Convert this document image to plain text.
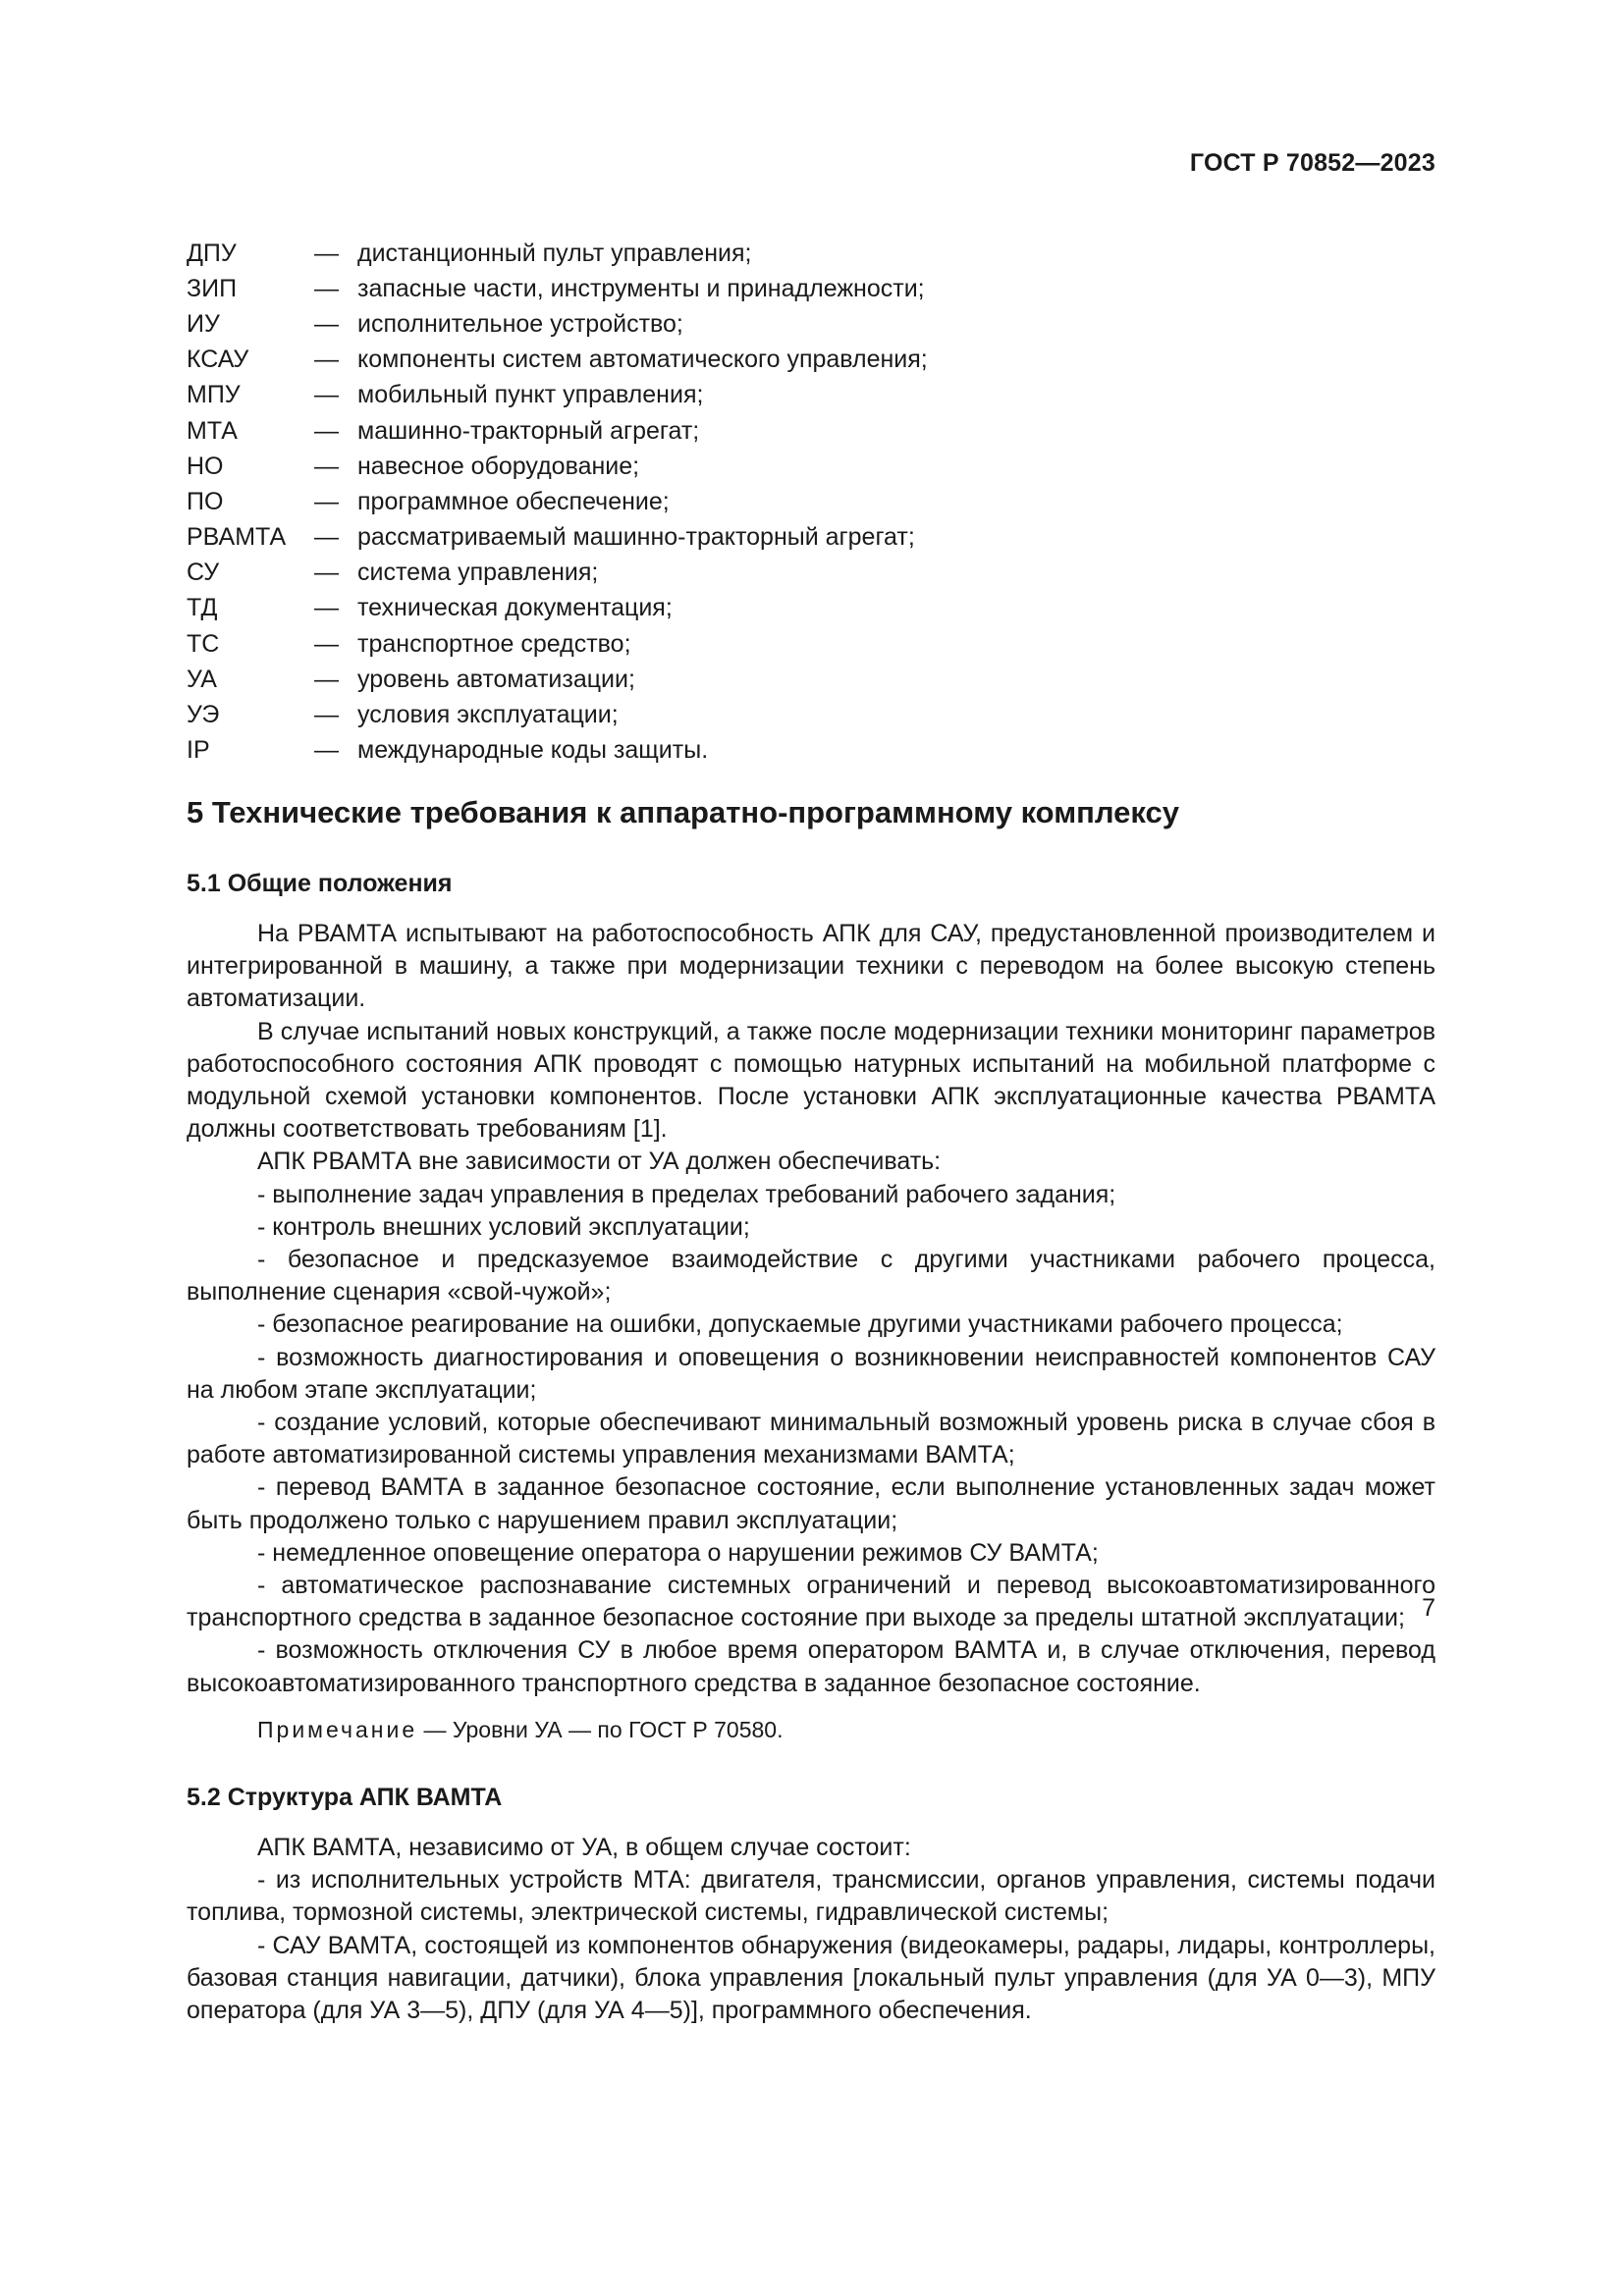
ГОСТ Р 70852—2023
ДПУ	— дистанционный пульт управления;
ЗИП	— запасные части, инструменты и принадлежности;
ИУ	— исполнительное устройство;
КСАУ	— компоненты систем автоматического управления;
МПУ	— мобильный пункт управления;
МТА	— машинно-тракторный агрегат;
НО	— навесное оборудование;
ПО	— программное обеспечение;
РВАМТА	— рассматриваемый машинно-тракторный агрегат;
СУ	— система управления;
ТД	— техническая документация;
ТС	— транспортное средство;
УА	— уровень автоматизации;
УЭ	— условия эксплуатации;
IP	— международные коды защиты.
5 Технические требования к аппаратно-программному комплексу
5.1 Общие положения

На РВАМТА испытывают на работоспособность АПК для САУ, предустановленной производителем и интегрированной в машину, а также при модернизации техники с переводом на более высокую степень автоматизации.

В случае испытаний новых конструкций, а также после модернизации техники мониторинг параметров работоспособного состояния АПК проводят с помощью натурных испытаний на мобильной платформе с модульной схемой установки компонентов. После установки АПК эксплуатационные качества РВАМТА должны соответствовать требованиям [1].

АПК РВАМТА вне зависимости от УА должен обеспечивать:

- выполнение задач управления в пределах требований рабочего задания;

- контроль внешних условий эксплуатации;

- безопасное и предсказуемое взаимодействие с другими участниками рабочего процесса, выполнение сценария «свой-чужой»;

- безопасное реагирование на ошибки, допускаемые другими участниками рабочего процесса;

- возможность диагностирования и оповещения о возникновении неисправностей компонентов САУ на любом этапе эксплуатации;

- создание условий, которые обеспечивают минимальный возможный уровень риска в случае сбоя в работе автоматизированной системы управления механизмами ВАМТА;

- перевод ВАМТА в заданное безопасное состояние, если выполнение установленных задач может быть продолжено только с нарушением правил эксплуатации;

- немедленное оповещение оператора о нарушении режимов СУ ВАМТА;

- автоматическое распознавание системных ограничений и перевод высокоавтоматизированного транспортного средства в заданное безопасное состояние при выходе за пределы штатной эксплуатации;

- возможность отключения СУ в любое время оператором ВАМТА и, в случае отключения, перевод высокоавтоматизированного транспортного средства в заданное безопасное состояние.

Примечание — Уровни УА — по ГОСТ Р 70580.

5.2 Структура АПК ВАМТА

АПК ВАМТА, независимо от УА, в общем случае состоит:

- из исполнительных устройств МТА: двигателя, трансмиссии, органов управления, системы подачи топлива, тормозной системы, электрической системы, гидравлической системы;

- САУ ВАМТА, состоящей из компонентов обнаружения (видеокамеры, радары, лидары, контроллеры, базовая станция навигации, датчики), блока управления [локальный пульт управления (для УА 0—3), МПУ оператора (для УА 3—5), ДПУ (для УА 4—5)], программного обеспечения.

7
